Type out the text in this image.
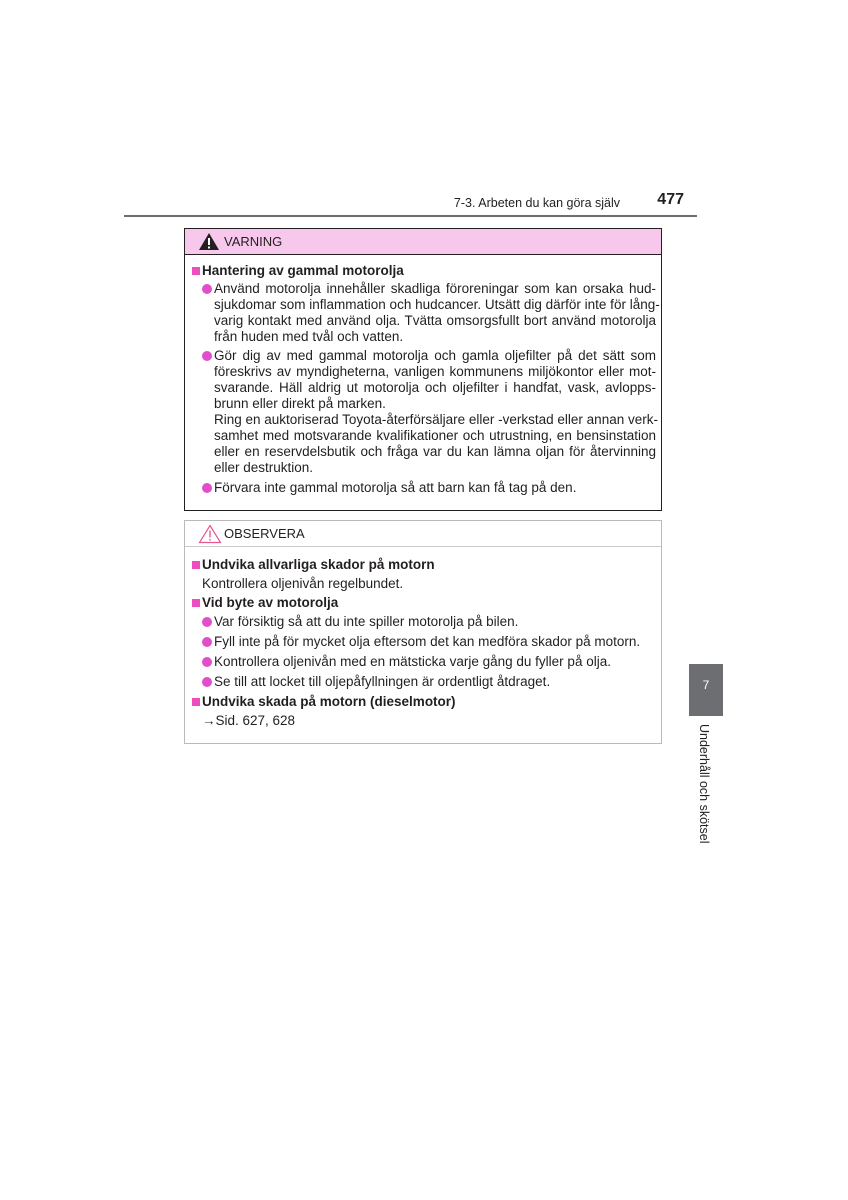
7-3. Arbeten du kan göra själv	477
VARNING
Hantering av gammal motorolja
Använd motorolja innehåller skadliga föroreningar som kan orsaka hud-
sjukdomar som inflammation och hudcancer. Utsätt dig därför inte för lång-
varig kontakt med använd olja. Tvätta omsorgsfullt bort använd motorolja
från huden med tvål och vatten.
Gör dig av med gammal motorolja och gamla oljefilter på det sätt som
föreskrivs av myndigheterna, vanligen kommunens miljökontor eller mot-
svarande. Häll aldrig ut motorolja och oljefilter i handfat, vask, avlopps-
brunn eller direkt på marken.
Ring en auktoriserad Toyota-återförsäljare eller -verkstad eller annan verk-
samhet med motsvarande kvalifikationer och utrustning, en bensinstation
eller en reservdelsbutik och fråga var du kan lämna oljan för återvinning
eller destruktion.
Förvara inte gammal motorolja så att barn kan få tag på den.
OBSERVERA
Undvika allvarliga skador på motorn
Kontrollera oljenivån regelbundet.
Vid byte av motorolja
Var försiktig så att du inte spiller motorolja på bilen.
Fyll inte på för mycket olja eftersom det kan medföra skador på motorn.
Kontrollera oljenivån med en mätsticka varje gång du fyller på olja.
Se till att locket till oljepåfyllningen är ordentligt åtdraget.
Undvika skada på motorn (dieselmotor)
→Sid. 627, 628
7
Underhåll och skötsel
